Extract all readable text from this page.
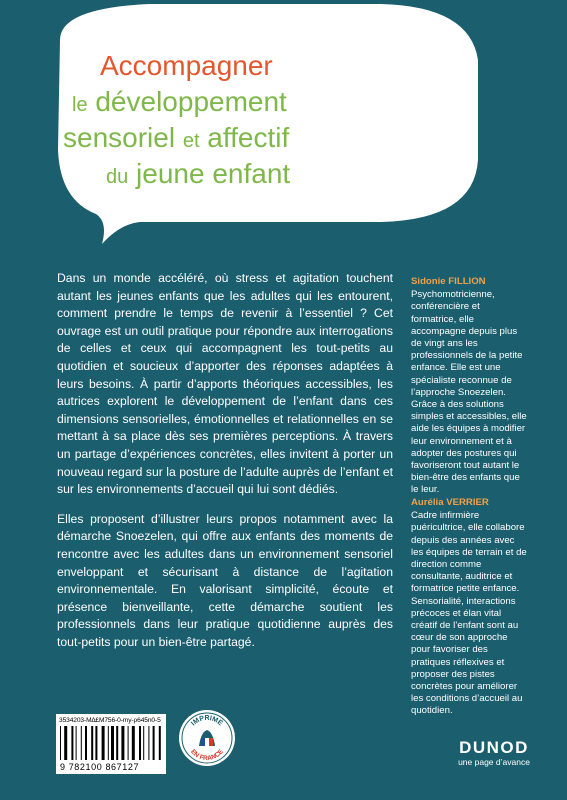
Accompagner
le développement
sensoriel et affectif
du jeune enfant

Dans un monde accéléré, où stress et agitation touchent autant les jeunes enfants que les adultes qui les entourent, comment prendre le temps de revenir à l’essentiel ? Cet ouvrage est un outil pratique pour répondre aux interrogations de celles et ceux qui accompagnent les tout-petits au quotidien et soucieux d’apporter des réponses adaptées à leurs besoins. À partir d’apports théoriques accessibles, les autrices explorent le développement de l’enfant dans ces dimensions sensorielles, émotionnelles et relationnelles en se mettant à sa place dès ses premières perceptions. À travers un partage d’expériences concrètes, elles invitent à porter un nouveau regard sur la posture de l’adulte auprès de l’enfant et sur les environnements d’accueil qui lui sont dédiés.

Elles proposent d’illustrer leurs propos notamment avec la démarche Snoezelen, qui offre aux enfants des moments de rencontre avec les adultes dans un environnement sensoriel enveloppant et sécurisant à distance de l’agitation environnementale. En valorisant simplicité, écoute et présence bienveillante, cette démarche soutient les professionnels dans leur pratique quotidienne auprès des tout-petits pour un bien-être partagé.

Sidonie FILLION
Psychomotricienne, conférencière et formatrice, elle accompagne depuis plus de vingt ans les professionnels de la petite enfance. Elle est une spécialiste reconnue de l’approche Snoezelen. Grâce à des solutions simples et accessibles, elle aide les équipes à modifier leur environnement et à adopter des postures qui favoriseront tout autant le bien-être des enfants que le leur.
Aurélia VERRIER
Cadre infirmière puéricultrice, elle collabore depuis des années avec les équipes de terrain et de direction comme consultante, auditrice et formatrice petite enfance. Sensorialité, interactions précoces et élan vital créatif de l’enfant sont au cœur de son approche pour favoriser des pratiques réflexives et proposer des pistes concrètes pour améliorer les conditions d’accueil au quotidien.
3534203-M∆£M756-0-my-ρ645n0-5
9 782100 867127
IMPRIMÉ
EN FRANCE	DUNOD
une page d’avance
